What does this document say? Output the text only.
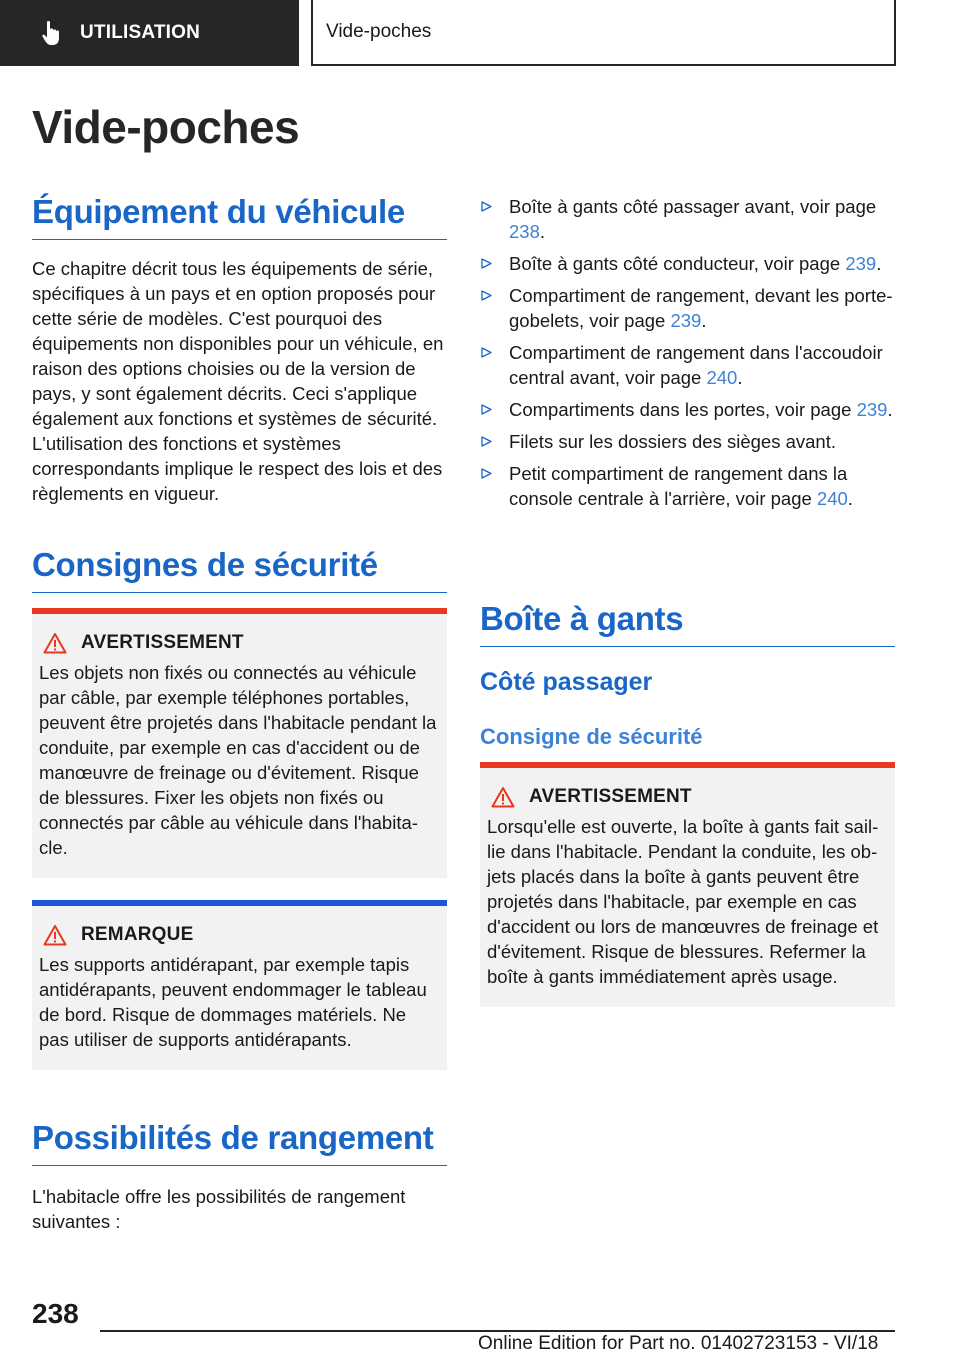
UTILISATION	Vide-poches
Vide-poches
Équipement du véhicule
Ce chapitre décrit tous les équipements de série, spécifiques à un pays et en option proposés pour cette série de modèles. C'est pourquoi des équipements non disponibles pour un véhicule, en raison des options choisies ou de la version de pays, y sont également décrits. Ceci s'applique également aux fonctions et systèmes de sécurité. L'utilisation des fonctions et systèmes correspondants implique le respect des lois et des règlements en vigueur.
Consignes de sécurité
AVERTISSEMENT
Les objets non fixés ou connectés au véhicule par câble, par exemple téléphones portables, peuvent être projetés dans l'habitacle pendant la conduite, par exemple en cas d'accident ou de manœuvre de freinage ou d'évitement. Risque de blessures. Fixer les objets non fixés ou connectés par câble au véhicule dans l'habitacle.
REMARQUE
Les supports antidérapant, par exemple tapis antidérapants, peuvent endommager le tableau de bord. Risque de dommages matériels. Ne pas utiliser de supports antidérapants.
Possibilités de rangement
L'habitacle offre les possibilités de rangement suivantes :
Boîte à gants côté passager avant, voir page 238.
Boîte à gants côté conducteur, voir page 239.
Compartiment de rangement, devant les porte-gobelets, voir page 239.
Compartiment de rangement dans l'accoudoir central avant, voir page 240.
Compartiments dans les portes, voir page 239.
Filets sur les dossiers des sièges avant.
Petit compartiment de rangement dans la console centrale à l'arrière, voir page 240.
Boîte à gants
Côté passager
Consigne de sécurité
AVERTISSEMENT
Lorsqu'elle est ouverte, la boîte à gants fait saillie dans l'habitacle. Pendant la conduite, les objets placés dans la boîte à gants peuvent être projetés dans l'habitacle, par exemple en cas d'accident ou lors de manœuvres de freinage et d'évitement. Risque de blessures. Refermer la boîte à gants immédiatement après usage.
238
Online Edition for Part no. 01402723153 - VI/18
